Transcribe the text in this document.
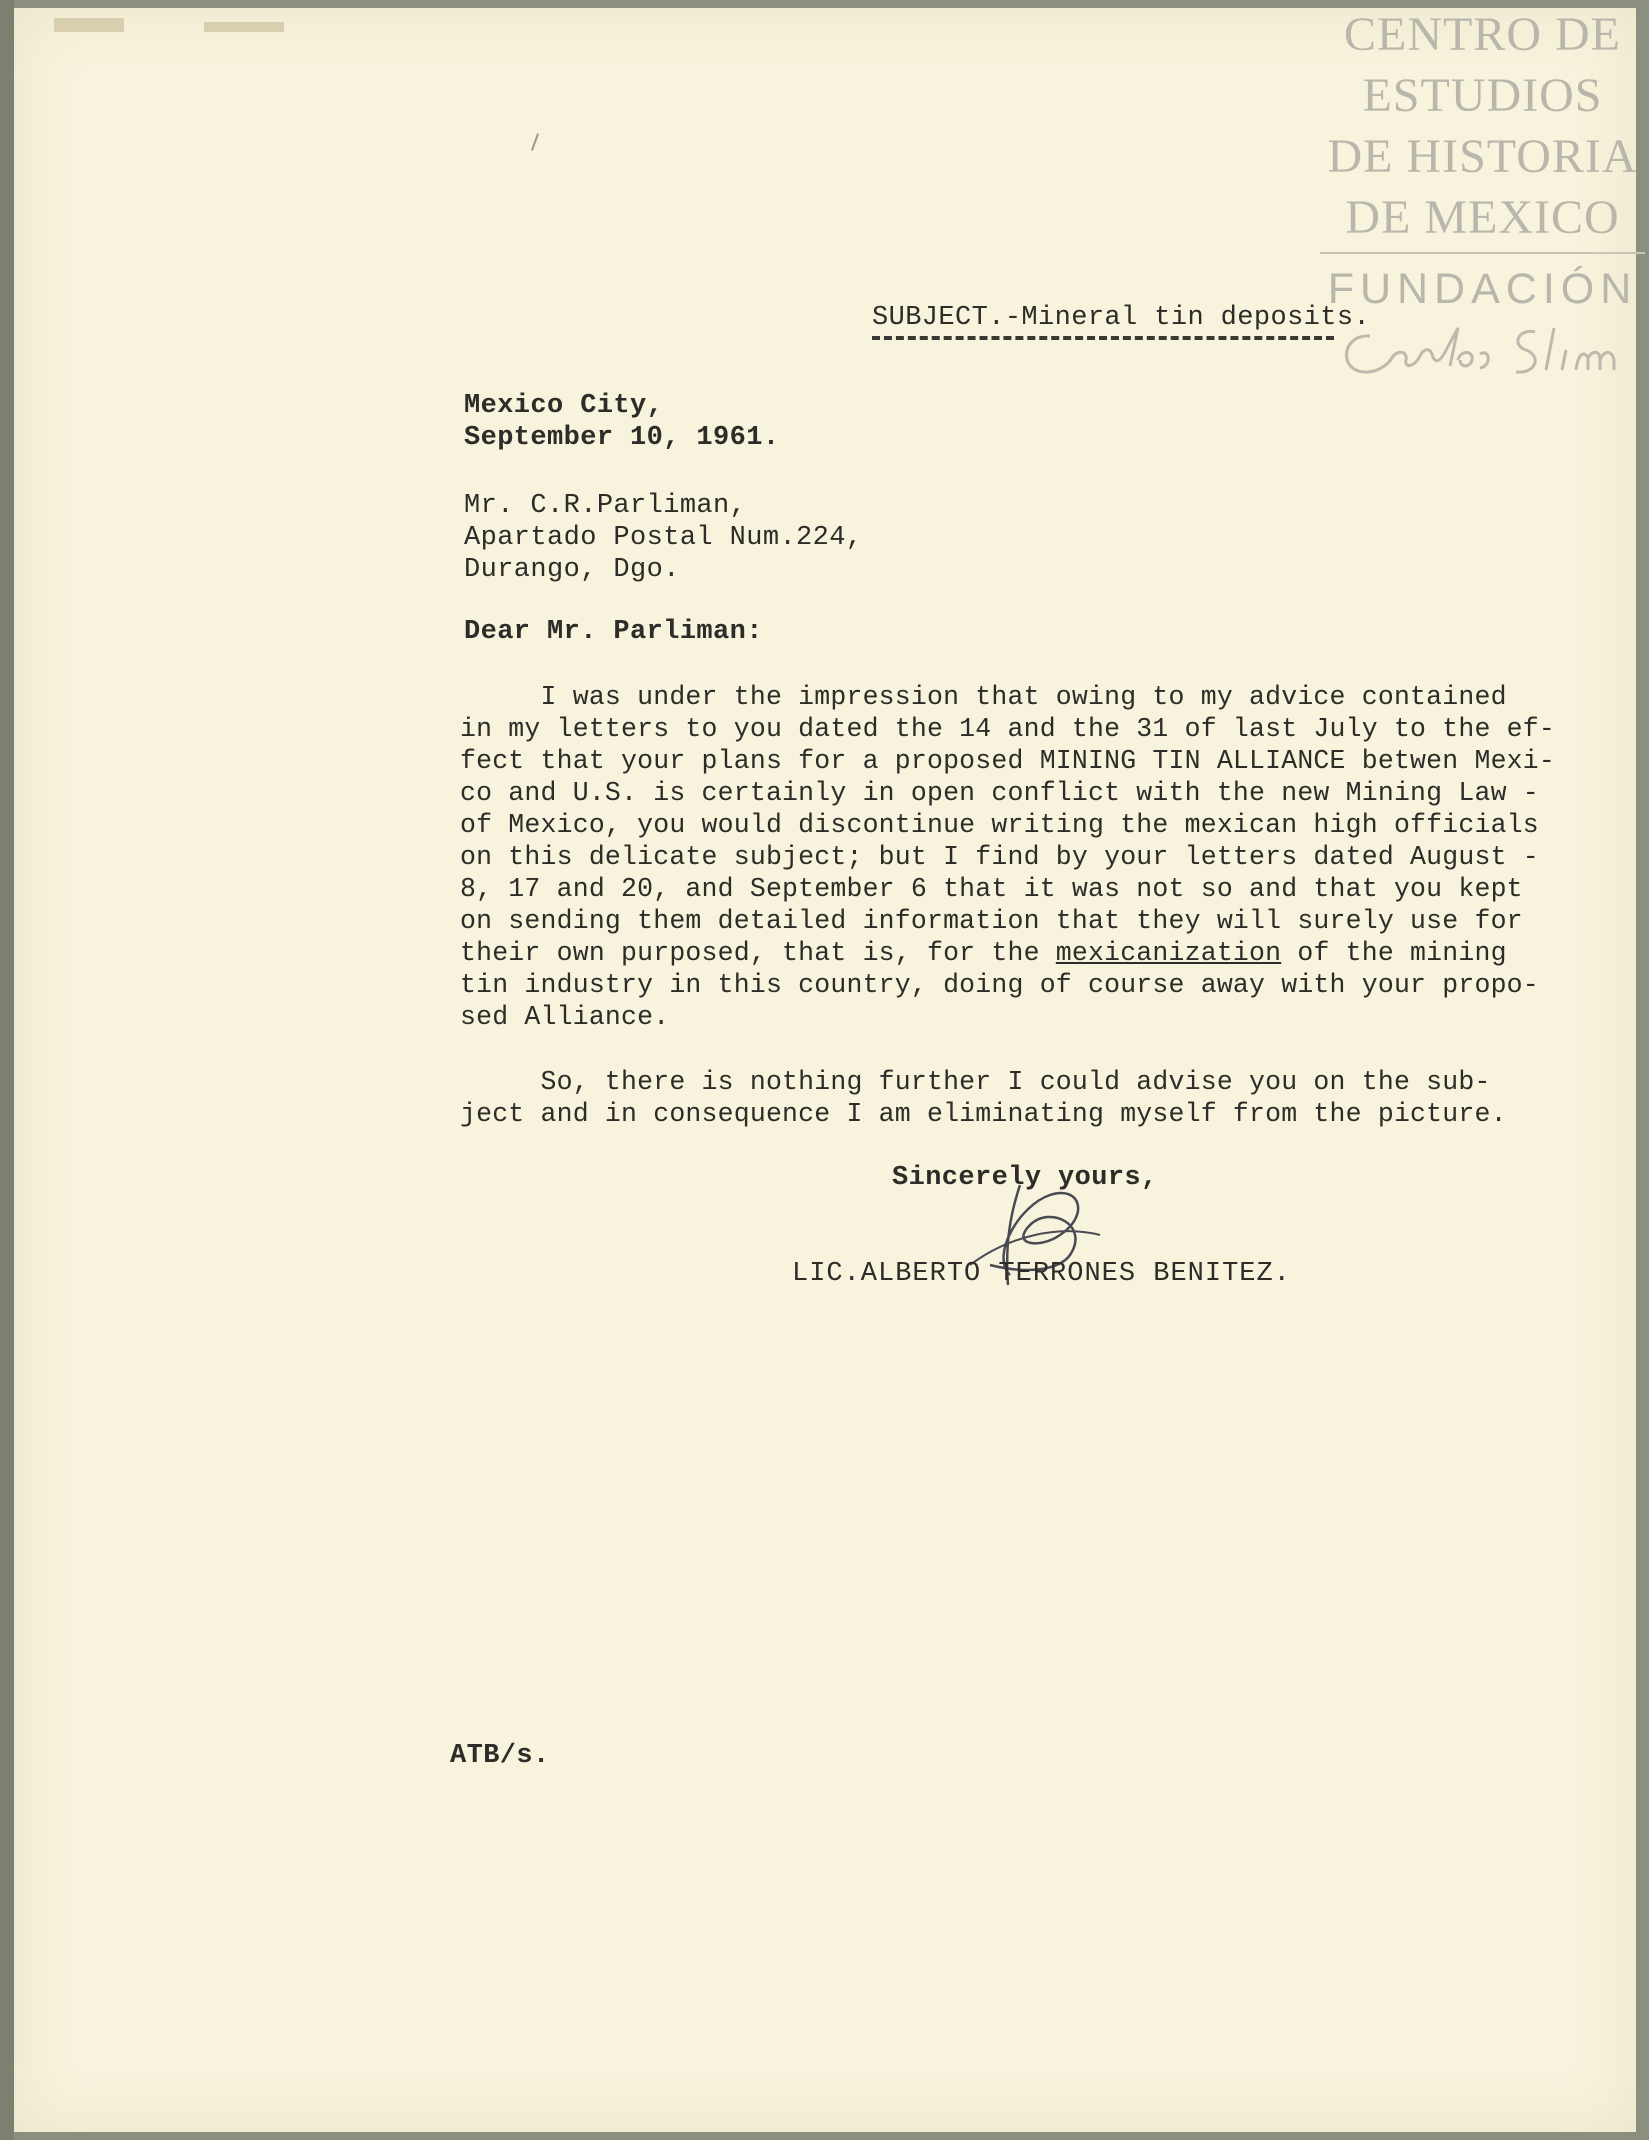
CENTRO DE
ESTUDIOS
DE HISTORIA
DE MEXICO
FUNDACIÓN
SUBJECT.-Mineral tin deposits.
Mexico City,
September 10, 1961.
Mr. C.R.Parliman,
Apartado Postal Num.224,
Durango, Dgo.
Dear Mr. Parliman:
I was under the impression that owing to my advice contained
in my letters to you dated the 14 and the 31 of last July to the ef-
fect that your plans for a proposed MINING TIN ALLIANCE betwen Mexi-
co and U.S. is certainly in open conflict with the new Mining Law -
of Mexico, you would discontinue writing the mexican high officials
on this delicate subject; but I find by your letters dated August -
8, 17 and 20, and September 6 that it was not so and that you kept
on sending them detailed information that they will surely use for
their own purposed, that is, for the mexicanization of the mining
tin industry in this country, doing of course away with your propo-
sed Alliance.
So, there is nothing further I could advise you on the sub-
ject and in consequence I am eliminating myself from the picture.
Sincerely yours,
LIC.ALBERTO TERRONES BENITEZ.
ATB/s.
